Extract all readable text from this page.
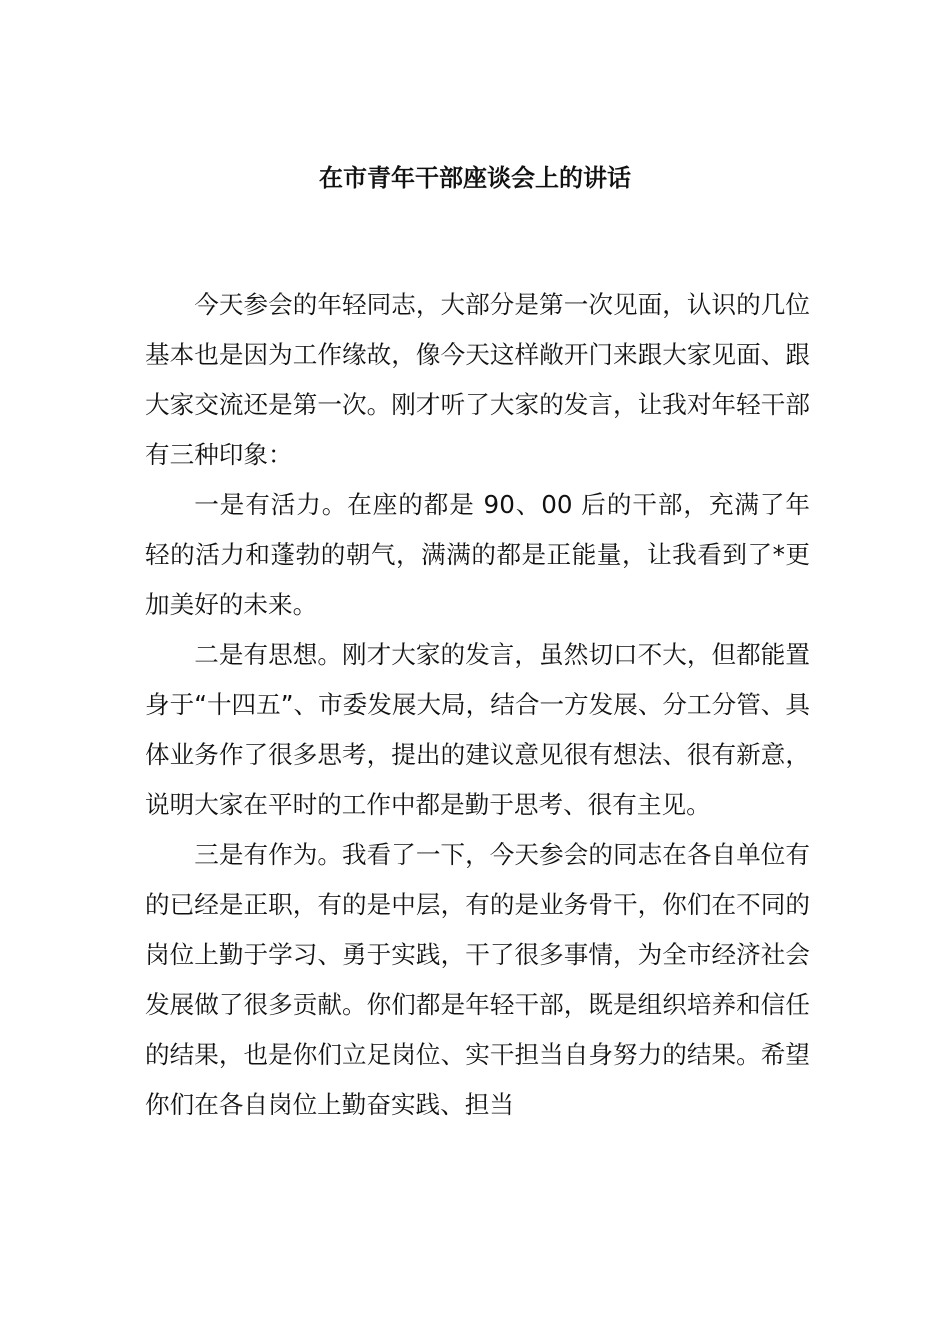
在市青年干部座谈会上的讲话

今天参会的年轻同志，大部分是第一次见面，认识的几位基本也是因为工作缘故，像今天这样敞开门来跟大家见面、跟大家交流还是第一次。刚才听了大家的发言，让我对年轻干部有三种印象：

一是有活力。在座的都是 90、00 后的干部，充满了年轻的活力和蓬勃的朝气，满满的都是正能量，让我看到了*更加美好的未来。

二是有思想。刚才大家的发言，虽然切口不大，但都能置身于“十四五”、市委发展大局，结合一方发展、分工分管、具体业务作了很多思考，提出的建议意见很有想法、很有新意，说明大家在平时的工作中都是勤于思考、很有主见。

三是有作为。我看了一下，今天参会的同志在各自单位有的已经是正职，有的是中层，有的是业务骨干，你们在不同的岗位上勤于学习、勇于实践，干了很多事情，为全市经济社会发展做了很多贡献。你们都是年轻干部，既是组织培养和信任的结果，也是你们立足岗位、实干担当自身努力的结果。希望你们在各自岗位上勤奋实践、担当
